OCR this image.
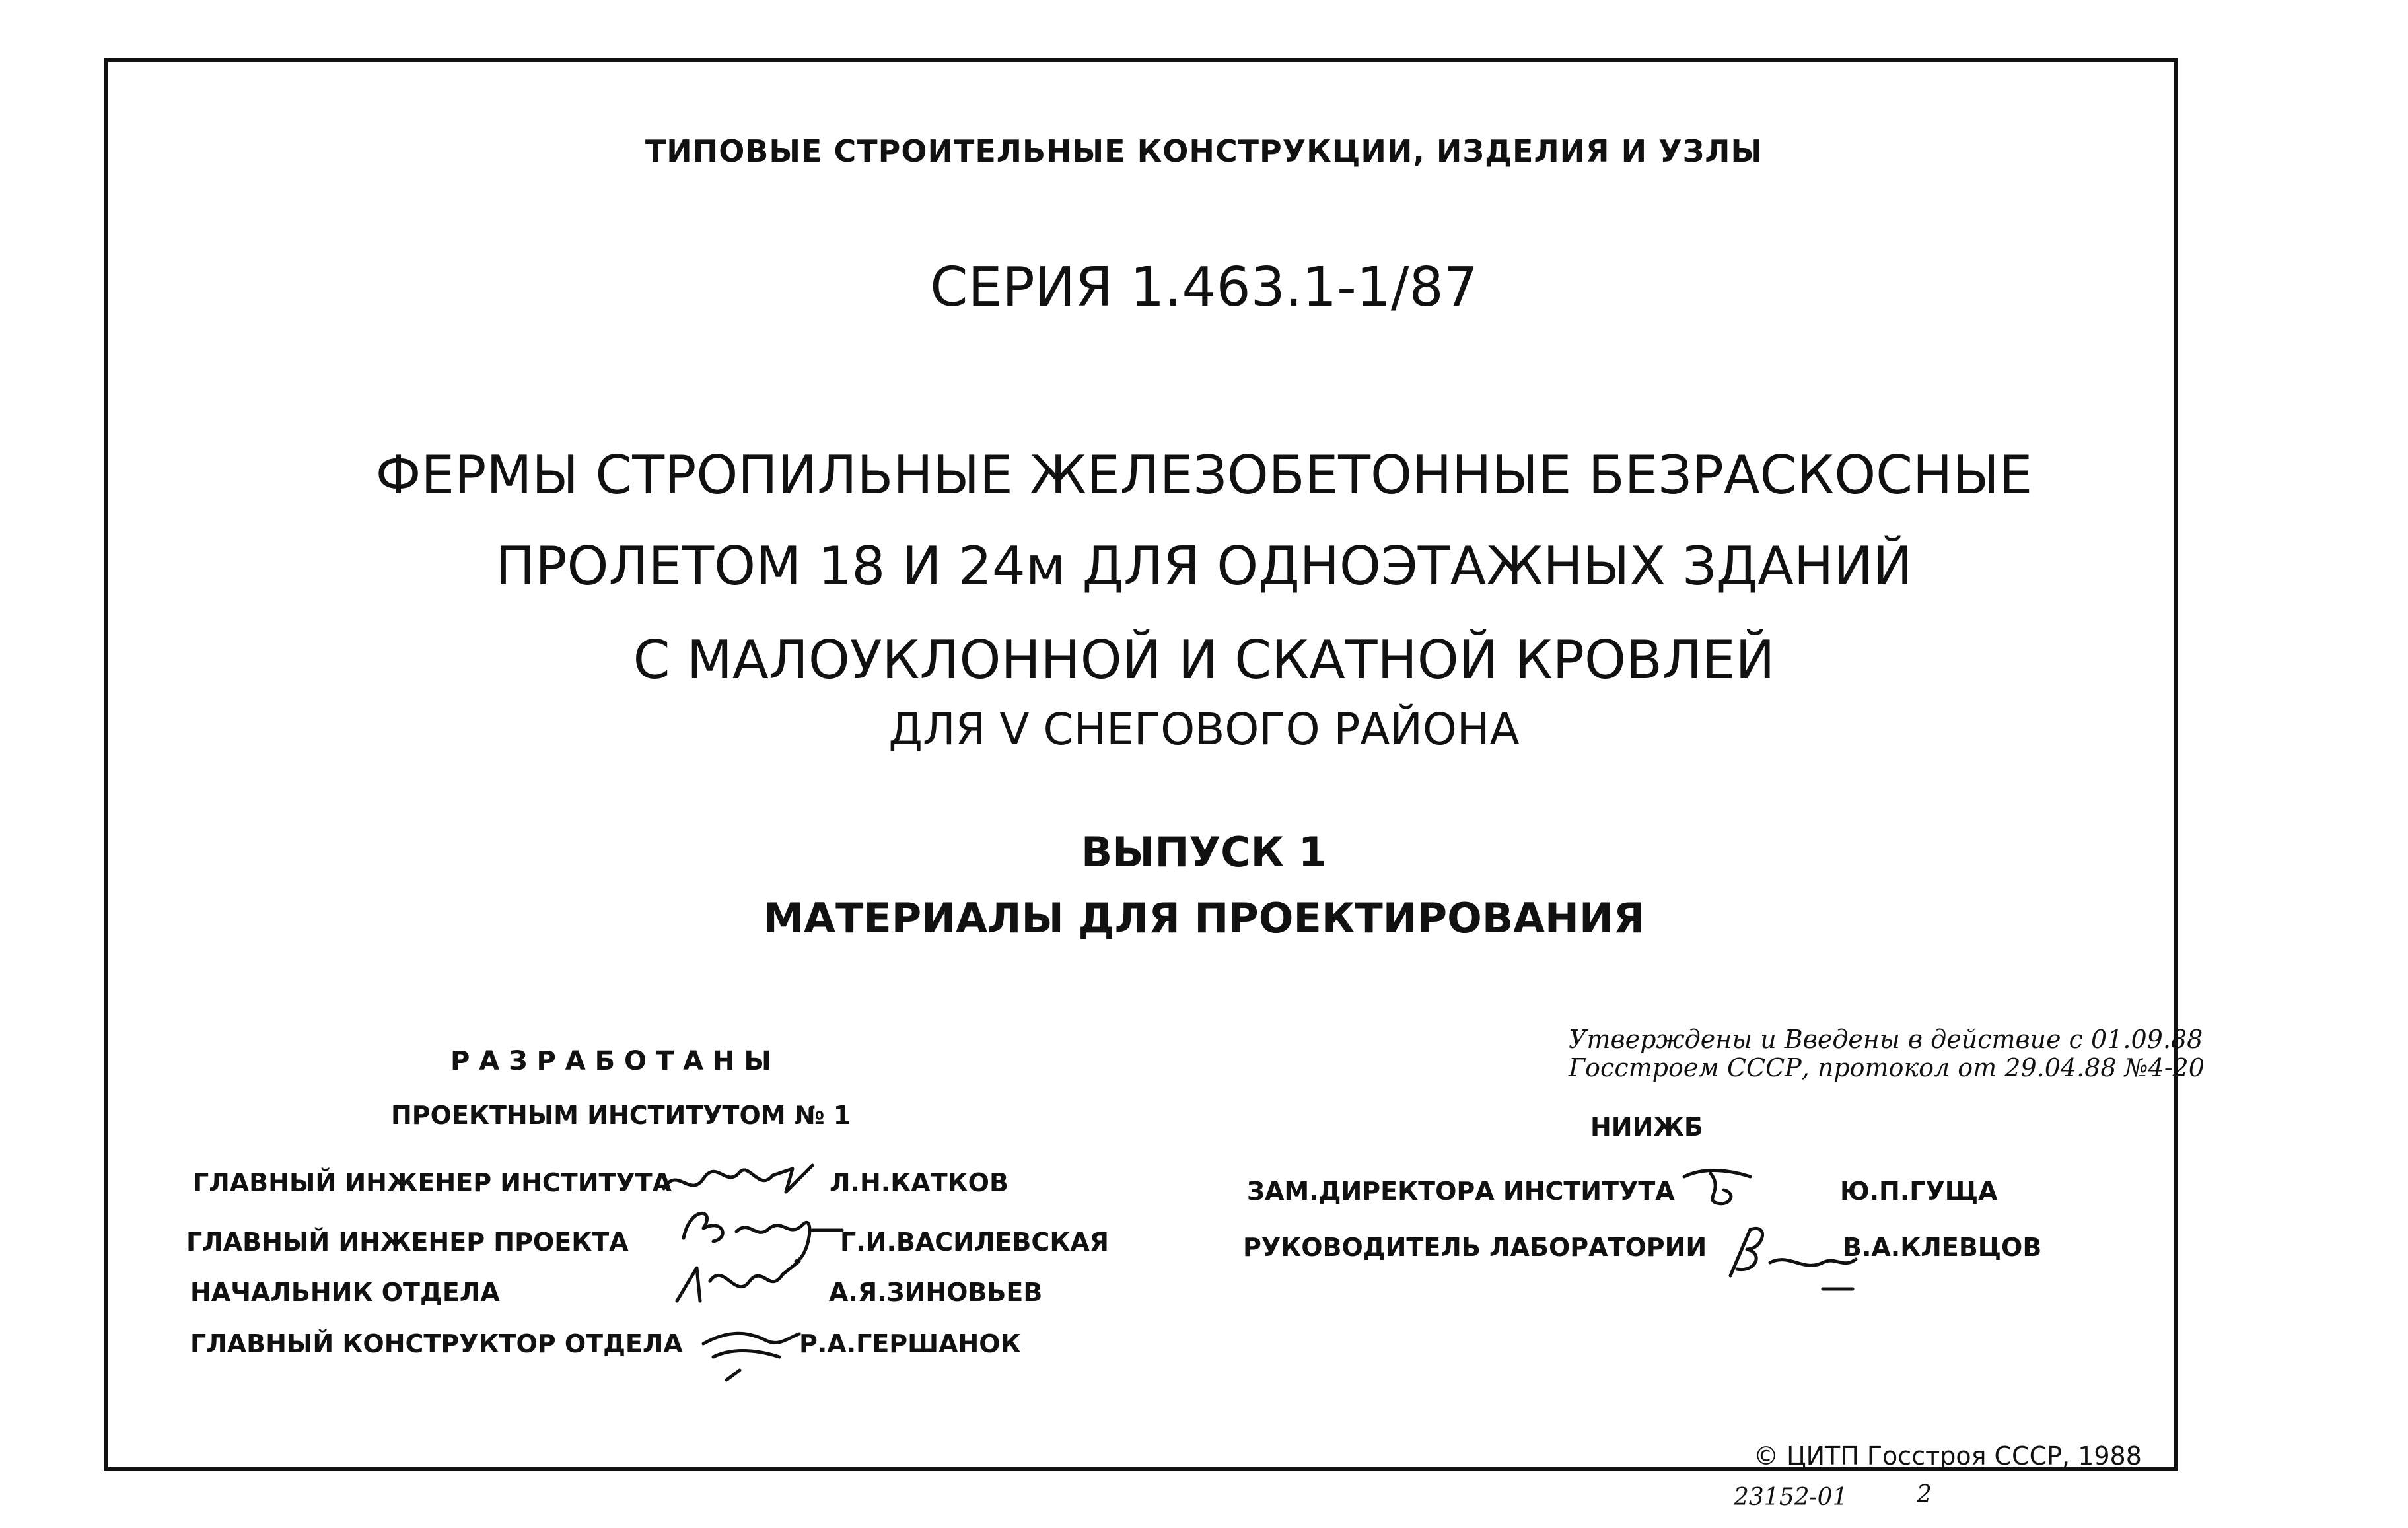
ТИПОВЫЕ СТРОИТЕЛЬНЫЕ КОНСТРУКЦИИ, ИЗДЕЛИЯ И УЗЛЫ
СЕРИЯ 1.463.1-1/87
ФЕРМЫ СТРОПИЛЬНЫЕ ЖЕЛЕЗОБЕТОННЫЕ БЕЗРАСКОСНЫЕ
ПРОЛЕТОМ 18 И 24м ДЛЯ ОДНОЭТАЖНЫХ ЗДАНИЙ
С МАЛОУКЛОННОЙ И СКАТНОЙ КРОВЛЕЙ
ДЛЯ V СНЕГОВОГО РАЙОНА
ВЫПУСК 1
МАТЕРИАЛЫ ДЛЯ ПРОЕКТИРОВАНИЯ
Р А З Р А Б О Т А Н Ы
ПРОЕКТНЫМ ИНСТИТУТОМ № 1
ГЛАВНЫЙ ИНЖЕНЕР ИНСТИТУТА	Л.Н.КАТКОВ
ГЛАВНЫЙ ИНЖЕНЕР ПРОЕКТА	Г.И.ВАСИЛЕВСКАЯ
НАЧАЛЬНИК ОТДЕЛА	А.Я.ЗИНОВЬЕВ
ГЛАВНЫЙ КОНСТРУКТОР ОТДЕЛА	Р.А.ГЕРШАНОК
Утверждены и Введены в действие с 01.09.88
Госстроем СССР, протокол от 29.04.88 №4-20
НИИЖБ
ЗАМ.ДИРЕКТОРА ИНСТИТУТА	Ю.П.ГУЩА
РУКОВОДИТЕЛЬ ЛАБОРАТОРИИ	В.А.КЛЕВЦОВ
© ЦИТП Госстроя СССР, 1988
23152-01	2
